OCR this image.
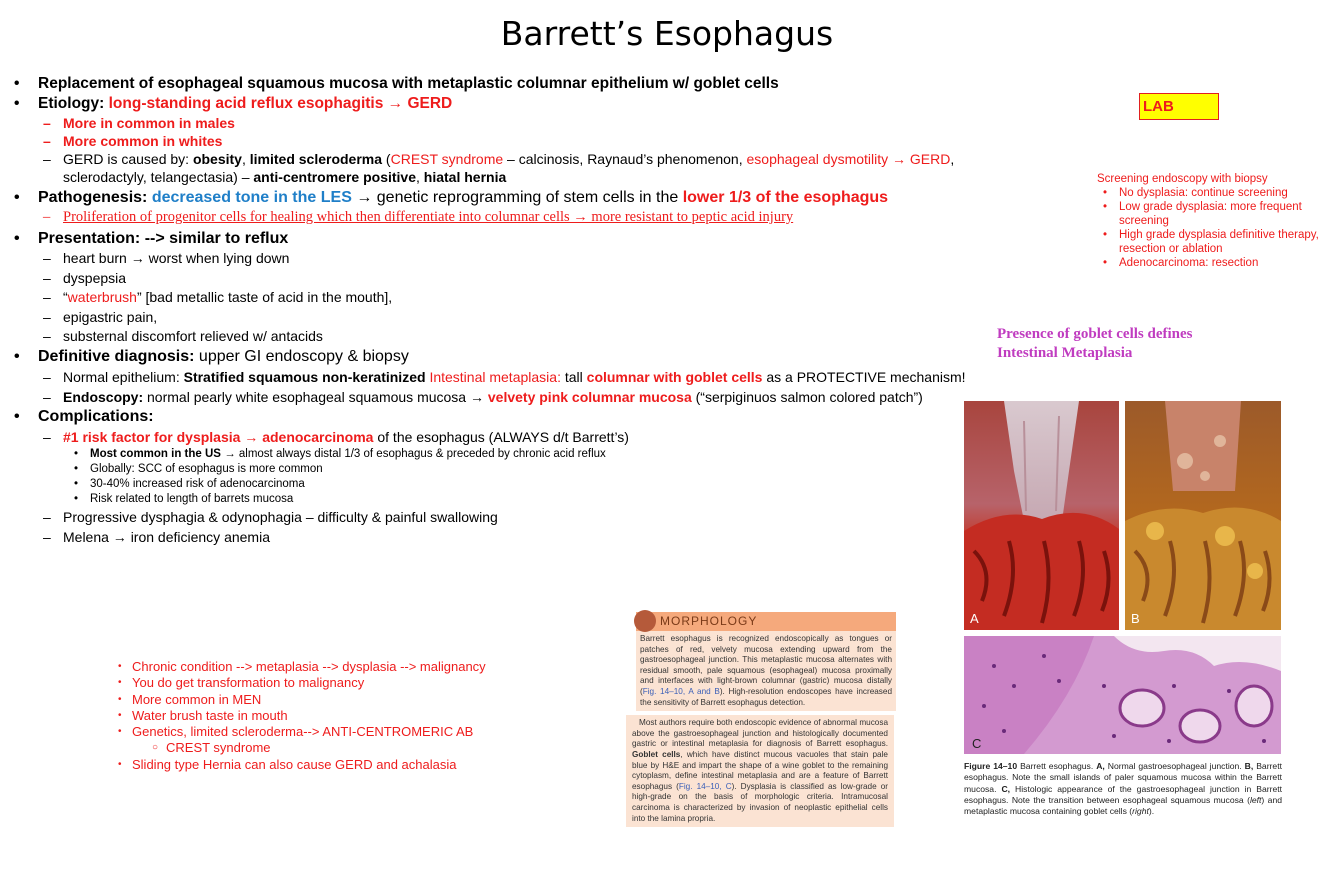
Barrett’s Esophagus
• Replacement of esophageal squamous mucosa with metaplastic columnar epithelium w/ goblet cells
• Etiology: long-standing acid reflux esophagitis → GERD
– More in common in males
– More common in whites
– GERD is caused by: obesity, limited scleroderma (CREST syndrome – calcinosis, Raynaud’s phenomenon, esophageal dysmotility → GERD, sclerodactyly, telangectasia) – anti-centromere positive, hiatal hernia
• Pathogenesis: decreased tone in the LES → genetic reprogramming of stem cells in the lower 1/3 of the esophagus
– Proliferation of progenitor cells for healing which then differentiate into columnar cells → more resistant to peptic acid injury
• Presentation: --> similar to reflux
– heart burn → worst when lying down
– dyspepsia
– “waterbrush” [bad metallic taste of acid in the mouth],
– epigastric pain,
– substernal discomfort relieved w/ antacids
• Definitive diagnosis: upper GI endoscopy & biopsy
– Normal epithelium: Stratified squamous non-keratinized Intestinal metaplasia: tall columnar with goblet cells as a PROTECTIVE mechanism!
– Endoscopy: normal pearly white esophageal squamous mucosa → velvety pink columnar mucosa (“serpiginuos salmon colored patch”)
• Complications:
– #1 risk factor for dysplasia → adenocarcinoma of the esophagus (ALWAYS d/t Barrett’s)
• Most common in the US → almost always distal 1/3 of esophagus & preceded by chronic acid reflux
• Globally: SCC of esophagus is more common
• 30-40% increased risk of adenocarcinoma
• Risk related to length of barrets mucosa
– Progressive dysphagia & odynophagia – difficulty & painful swallowing
– Melena → iron deficiency anemia
LAB
Screening endoscopy with biopsy
• No dysplasia: continue screening
• Low grade dysplasia: more frequent screening
• High grade dysplasia definitive therapy, resection or ablation
• Adenocarcinoma: resection
Presence of goblet cells defines Intestinal Metaplasia
• Chronic condition --> metaplasia --> dysplasia --> malignancy
• You do get transformation to malignancy
• More common in MEN
• Water brush taste in mouth
• Genetics, limited scleroderma--> ANTI-CENTROMERIC AB
○ CREST syndrome
• Sliding type Hernia can also cause GERD and achalasia
MORPHOLOGY
Barrett esophagus is recognized endoscopically as tongues or patches of red, velvety mucosa extending upward from the gastroesophageal junction. This metaplastic mucosa alternates with residual smooth, pale squamous (esophageal) mucosa proximally and interfaces with light-brown columnar (gastric) mucosa distally (Fig. 14–10, A and B). High-resolution endoscopes have increased the sensitivity of Barrett esophagus detection.
Most authors require both endoscopic evidence of abnormal mucosa above the gastroesophageal junction and histologically documented gastric or intestinal metaplasia for diagnosis of Barrett esophagus. Goblet cells, which have distinct mucous vacuoles that stain pale blue by H&E and impart the shape of a wine goblet to the remaining cytoplasm, define intestinal metaplasia and are a feature of Barrett esophagus (Fig. 14–10, C). Dysplasia is classified as low-grade or high-grade on the basis of morphologic criteria. Intramucosal carcinoma is characterized by invasion of neoplastic epithelial cells into the lamina propria.
A	B
C
Figure 14–10 Barrett esophagus. A, Normal gastroesophageal junction. B, Barrett esophagus. Note the small islands of paler squamous mucosa within the Barrett mucosa. C, Histologic appearance of the gastroesophageal junction in Barrett esophagus. Note the transition between esophageal squamous mucosa (left) and metaplastic mucosa containing goblet cells (right).
